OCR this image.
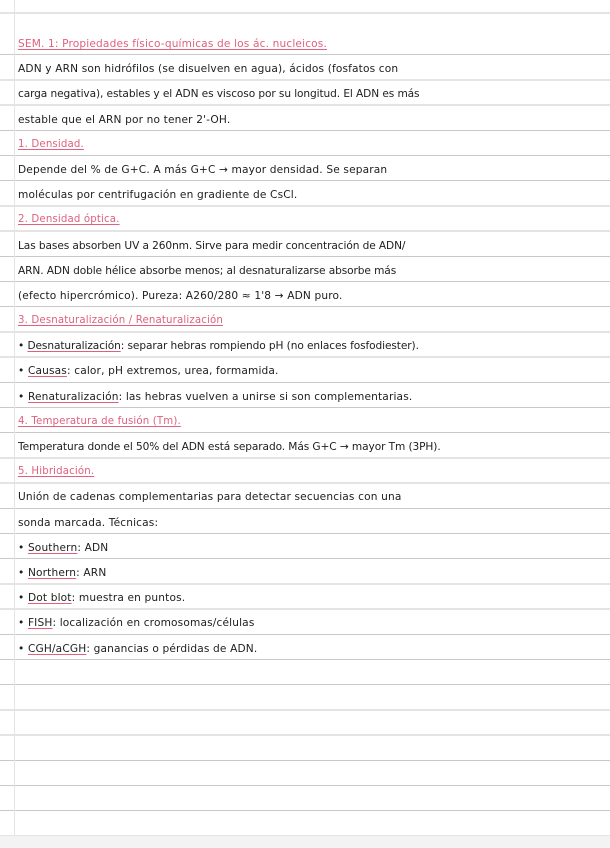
SEM. 1: Propiedades físico-químicas de los ác. nucleicos.
ADN y ARN son hidrófilos (se disuelven en agua), ácidos (fosfatos con
carga negativa), estables y el ADN es viscoso por su longitud. El ADN es más
estable que el ARN por no tener 2'-OH.
1. Densidad.
Depende del % de G+C. A más G+C → mayor densidad. Se separan
moléculas por centrifugación en gradiente de CsCl.
2. Densidad óptica.
Las bases absorben UV a 260nm. Sirve para medir concentración de ADN/
ARN. ADN doble hélice absorbe menos; al desnaturalizarse absorbe más
(efecto hipercrómico). Pureza: A260/280 ≈ 1'8 → ADN puro.
3. Desnaturalización / Renaturalización
• Desnaturalización: separar hebras rompiendo pH (no enlaces fosfodiester).
• Causas: calor, pH extremos, urea, formamida.
• Renaturalización: las hebras vuelven a unirse si son complementarias.
4. Temperatura de fusión (Tm).
Temperatura donde el 50% del ADN está separado. Más G+C → mayor Tm (3PH).
5. Hibridación.
Unión de cadenas complementarias para detectar secuencias con una
sonda marcada. Técnicas:
• Southern: ADN
• Northern: ARN
• Dot blot: muestra en puntos.
• FISH: localización en cromosomas/células
• CGH/aCGH: ganancias o pérdidas de ADN.
